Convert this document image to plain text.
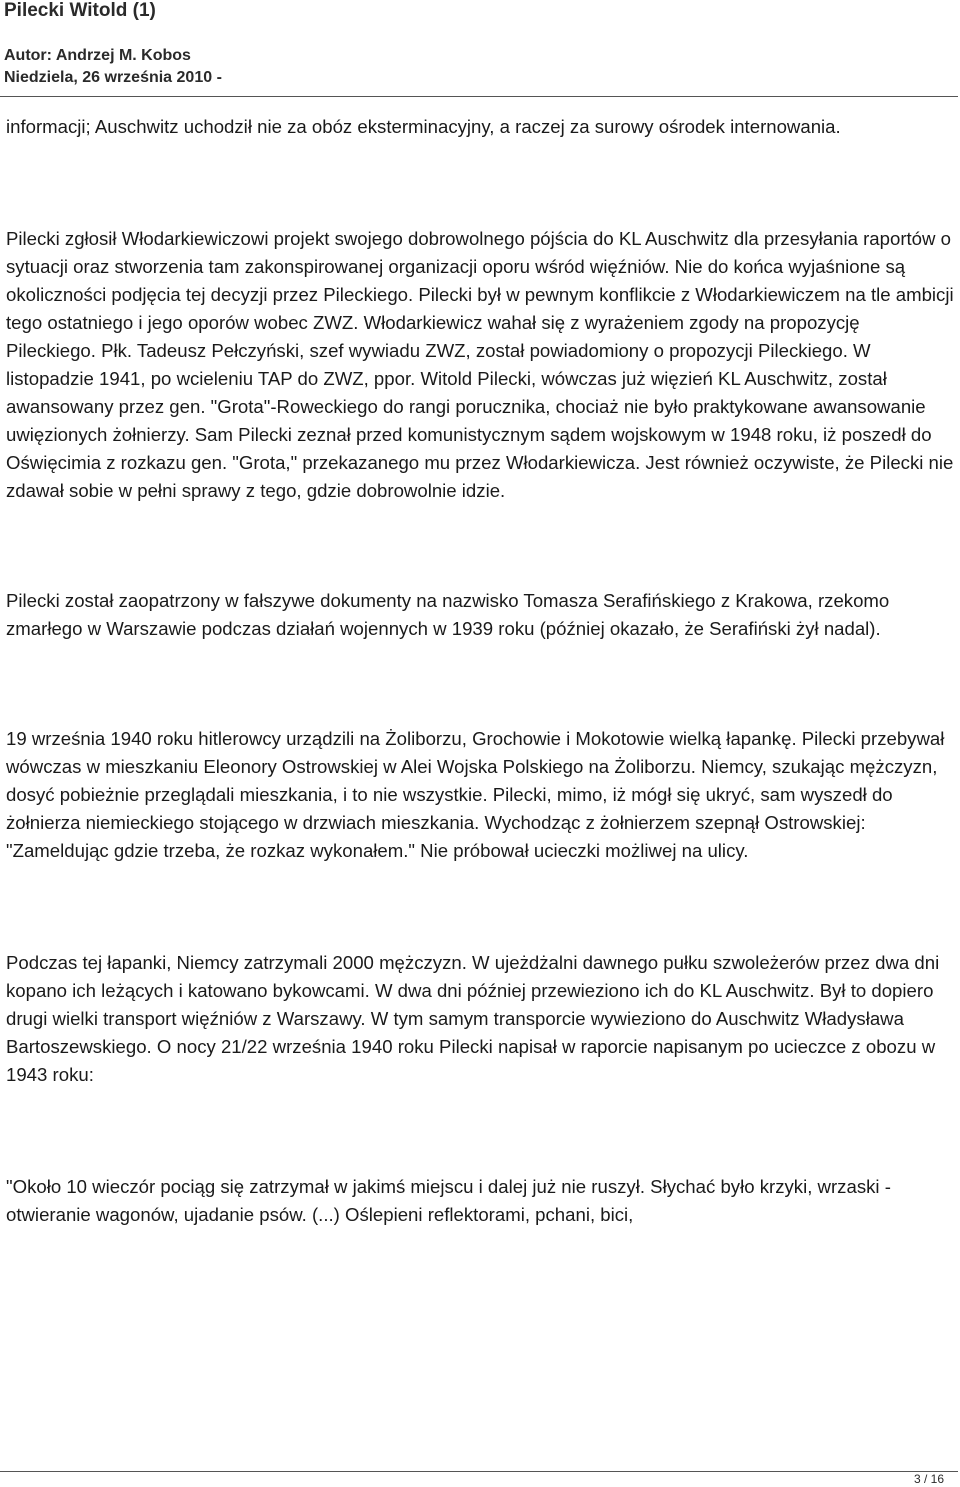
Pilecki Witold (1)
Autor: Andrzej M. Kobos
Niedziela, 26 września 2010 -

informacji; Auschwitz uchodził nie za obóz eksterminacyjny, a raczej za surowy ośrodek internowania.

Pilecki zgłosił Włodarkiewiczowi projekt swojego dobrowolnego pójścia do KL Auschwitz dla przesyłania raportów o sytuacji oraz stworzenia tam zakonspirowanej organizacji oporu wśród więźniów. Nie do końca wyjaśnione są okoliczności podjęcia tej decyzji przez Pileckiego. Pilecki był w pewnym konflikcie z Włodarkiewiczem na tle ambicji tego ostatniego i jego oporów wobec ZWZ. Włodarkiewicz wahał się z wyrażeniem zgody na propozycję Pileckiego. Płk. Tadeusz Pełczyński, szef wywiadu ZWZ, został powiadomiony o propozycji Pileckiego. W listopadzie 1941, po wcieleniu TAP do ZWZ, ppor. Witold Pilecki, wówczas już więzień KL Auschwitz, został awansowany przez gen. "Grota"-Roweckiego do rangi porucznika, chociaż nie było praktykowane awansowanie uwięzionych żołnierzy. Sam Pilecki zeznał przed komunistycznym sądem wojskowym w 1948 roku, iż poszedł do Oświęcimia z rozkazu gen. "Grota," przekazanego mu przez Włodarkiewicza. Jest również oczywiste, że Pilecki nie zdawał sobie w pełni sprawy z tego, gdzie dobrowolnie idzie.

Pilecki został zaopatrzony w fałszywe dokumenty na nazwisko Tomasza Serafińskiego z Krakowa, rzekomo zmarłego w Warszawie podczas działań wojennych w 1939 roku (później okazało, że Serafiński żył nadal).

19 września 1940 roku hitlerowcy urządzili na Żoliborzu, Grochowie i Mokotowie wielką łapankę. Pilecki przebywał wówczas w mieszkaniu Eleonory Ostrowskiej w Alei Wojska Polskiego na Żoliborzu. Niemcy, szukając mężczyzn, dosyć pobieżnie przeglądali mieszkania, i to nie wszystkie. Pilecki, mimo, iż mógł się ukryć, sam wyszedł do żołnierza niemieckiego stojącego w drzwiach mieszkania. Wychodząc z żołnierzem szepnął Ostrowskiej: "Zameldując gdzie trzeba, że rozkaz wykonałem." Nie próbował ucieczki możliwej na ulicy.

Podczas tej łapanki, Niemcy zatrzymali 2000 mężczyzn. W ujeżdżalni dawnego pułku szwoleżerów przez dwa dni kopano ich leżących i katowano bykowcami. W dwa dni później przewieziono ich do KL Auschwitz. Był to dopiero drugi wielki transport więźniów z Warszawy. W tym samym transporcie wywieziono do Auschwitz Władysława Bartoszewskiego. O nocy 21/22 września 1940 roku Pilecki napisał w raporcie napisanym po ucieczce z obozu w 1943 roku:

"Około 10 wieczór pociąg się zatrzymał w jakimś miejscu i dalej już nie ruszył. Słychać było krzyki, wrzaski - otwieranie wagonów, ujadanie psów. (...) Oślepieni reflektorami, pchani, bici,

3 / 16
